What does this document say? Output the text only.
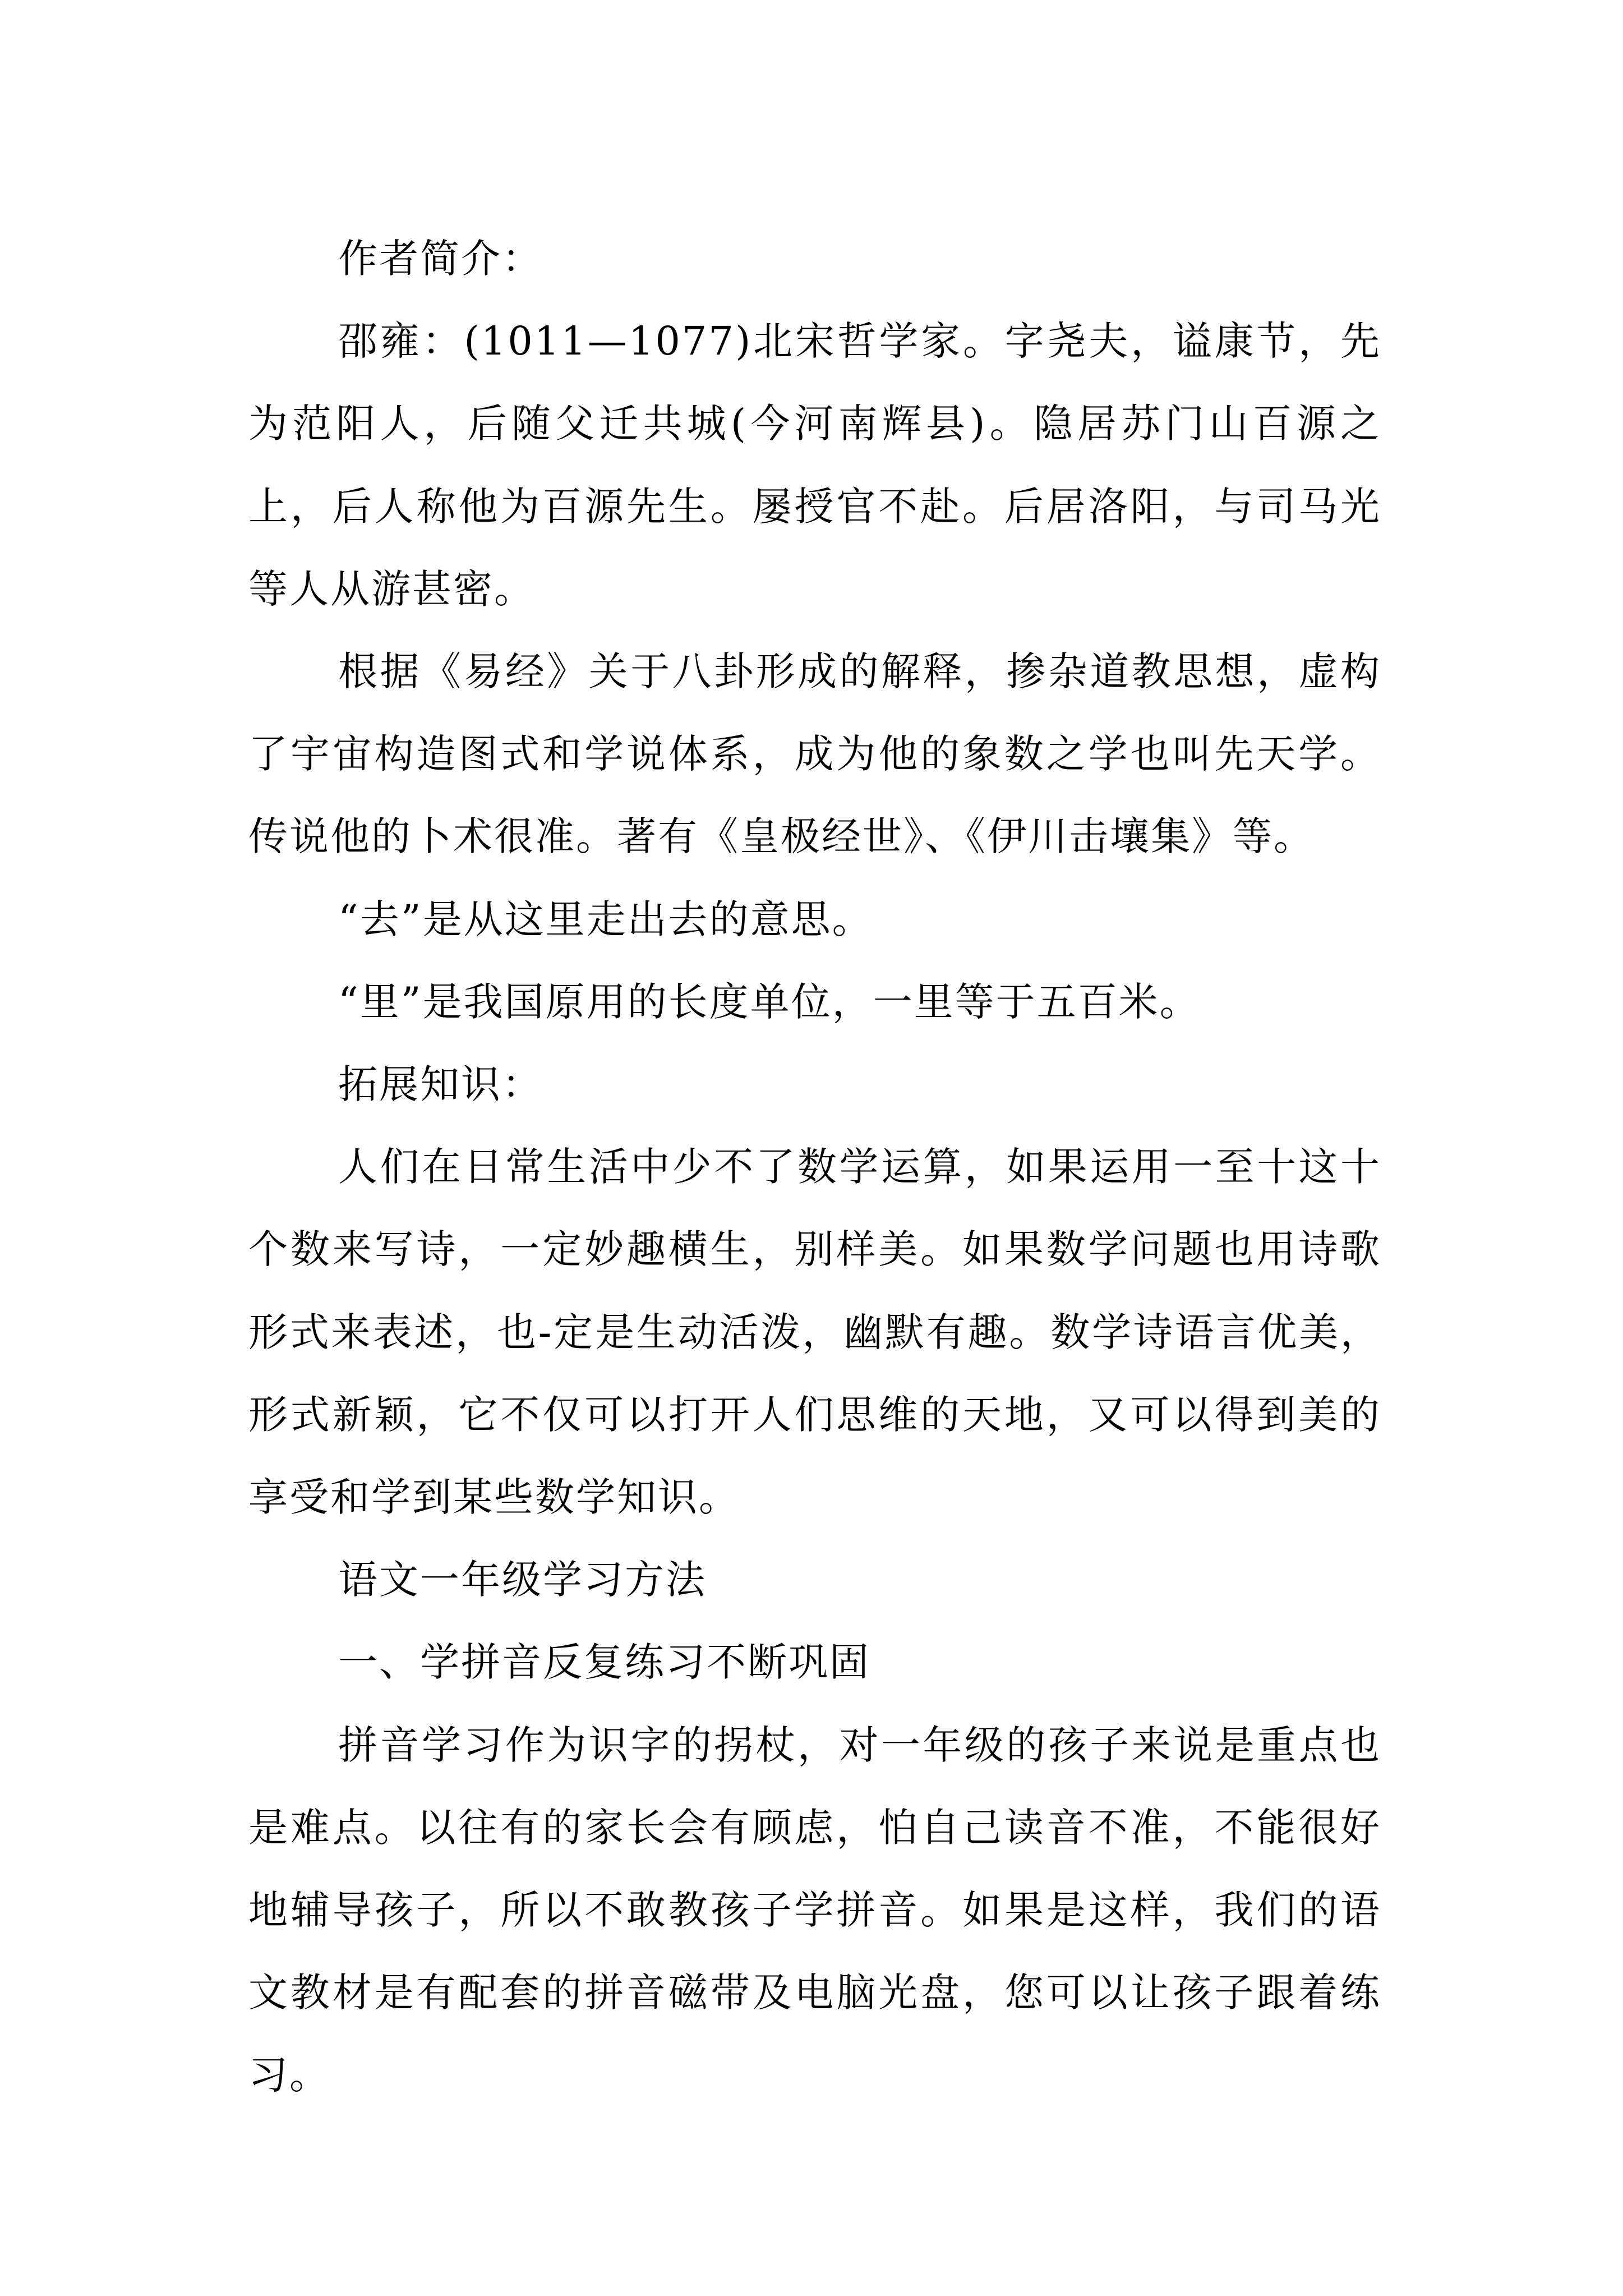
作者简介：

邵雍：(1011—1077)北宋哲学家。字尧夫，谥康节，先为范阳人，后随父迁共城(今河南辉县)。隐居苏门山百源之上，后人称他为百源先生。屡授官不赴。后居洛阳，与司马光等人从游甚密。

根据《易经》关于八卦形成的解释，掺杂道教思想，虚构了宇宙构造图式和学说体系，成为他的象数之学也叫先天学。传说他的卜术很准。著有《皇极经世》、《伊川击壤集》等。

“去”是从这里走出去的意思。

“里”是我国原用的长度单位，一里等于五百米。

拓展知识：

人们在日常生活中少不了数学运算，如果运用一至十这十个数来写诗，一定妙趣横生，别样美。如果数学问题也用诗歌形式来表述，也-定是生动活泼，幽默有趣。数学诗语言优美，形式新颖，它不仅可以打开人们思维的天地，又可以得到美的享受和学到某些数学知识。

语文一年级学习方法

一、学拼音反复练习不断巩固

拼音学习作为识字的拐杖，对一年级的孩子来说是重点也是难点。以往有的家长会有顾虑，怕自己读音不准，不能很好地辅导孩子，所以不敢教孩子学拼音。如果是这样，我们的语文教材是有配套的拼音磁带及电脑光盘，您可以让孩子跟着练习。
